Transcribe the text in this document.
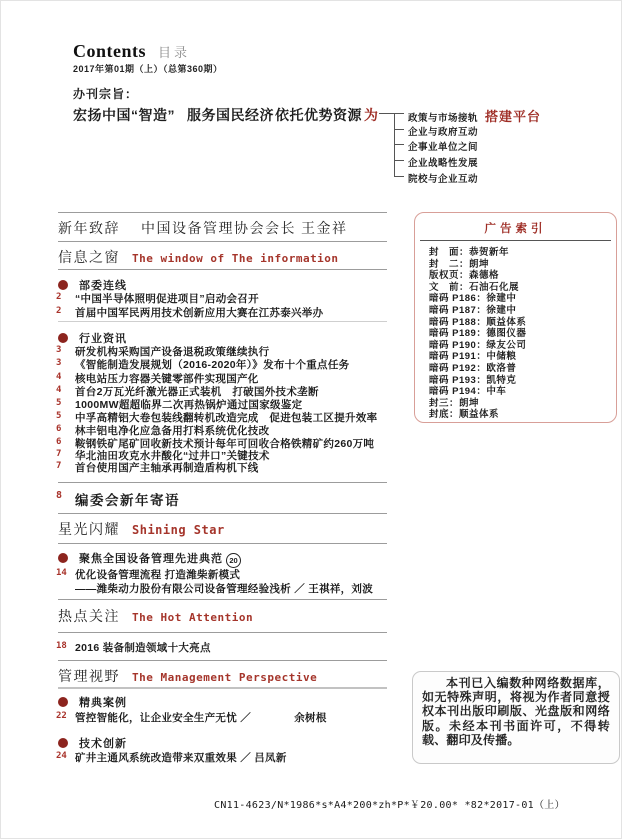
Contents 目录
2017年第01期（上）（总第360期）
办刊宗旨：
宏扬中国“智造” 服务国民经济 依托优势资源 为	政策与市场接轨 搭建平台
企业与政府互动
企事业单位之间
企业战略性发展
院校与企业互动
新年致辞 中国设备管理协会会长 王金祥
信息之窗 The window of The information
部委连线
2	“中国半导体照明促进项目”启动会召开
2	首届中国军民两用技术创新应用大赛在江苏泰兴举办
行业资讯
3	研发机构采购国产设备退税政策继续执行
3	《智能制造发展规划（2016-2020年）》发布十个重点任务
4	核电站压力容器关键零部件实现国产化
4	首台2万瓦光纤激光器正式装机　打破国外技术垄断
5	1000MW超超临界二次再热锅炉通过国家级鉴定
5	中孚高精铝大卷包装线翻转机改造完成　促进包装工区提升效率
6	林丰铝电净化应急备用打料系统优化技改
6	鞍钢铁矿尾矿回收新技术预计每年可回收合格铁精矿约260万吨
7	华北油田攻克水井酸化“过井口”关键技术
7	首台使用国产主轴承再制造盾构机下线
8 编委会新年寄语
星光闪耀 Shining Star
聚焦全国设备管理先进典范 20
14 优化设备管理流程 打造潍柴新模式
——潍柴动力股份有限公司设备管理经验浅析 ／ 王祺祥，刘波
热点关注 The Hot Attention
18 2016 装备制造领域十大亮点
管理视野 The Management Perspective
精典案例
22 管控智能化，让企业安全生产无忧 ／　　　　余树根
技术创新
24 矿井主通风系统改造带来双重效果 ／ 吕凤新
广告索引
封　面：恭贺新年
封　二：朗坤
版权页：森德格
文　前：石油石化展
暗码 P186：徐建中
暗码 P187：徐建中
暗码 P188：顺益体系
暗码 P189：德图仪器
暗码 P190：绿友公司
暗码 P191：中储粮
暗码 P192：欧洛普
暗码 P193：凯特克
暗码 P194：中车
封三：朗坤
封底：顺益体系

本刊已入编数种网络数据库，如无特殊声明，将视为作者同意授权本刊出版印刷版、光盘版和网络版。未经本刊书面许可，不得转载、翻印及传播。

CN11-4623/N*1986*s*A4*200*zh*P*￥20.00* *82*2017-01（上）
